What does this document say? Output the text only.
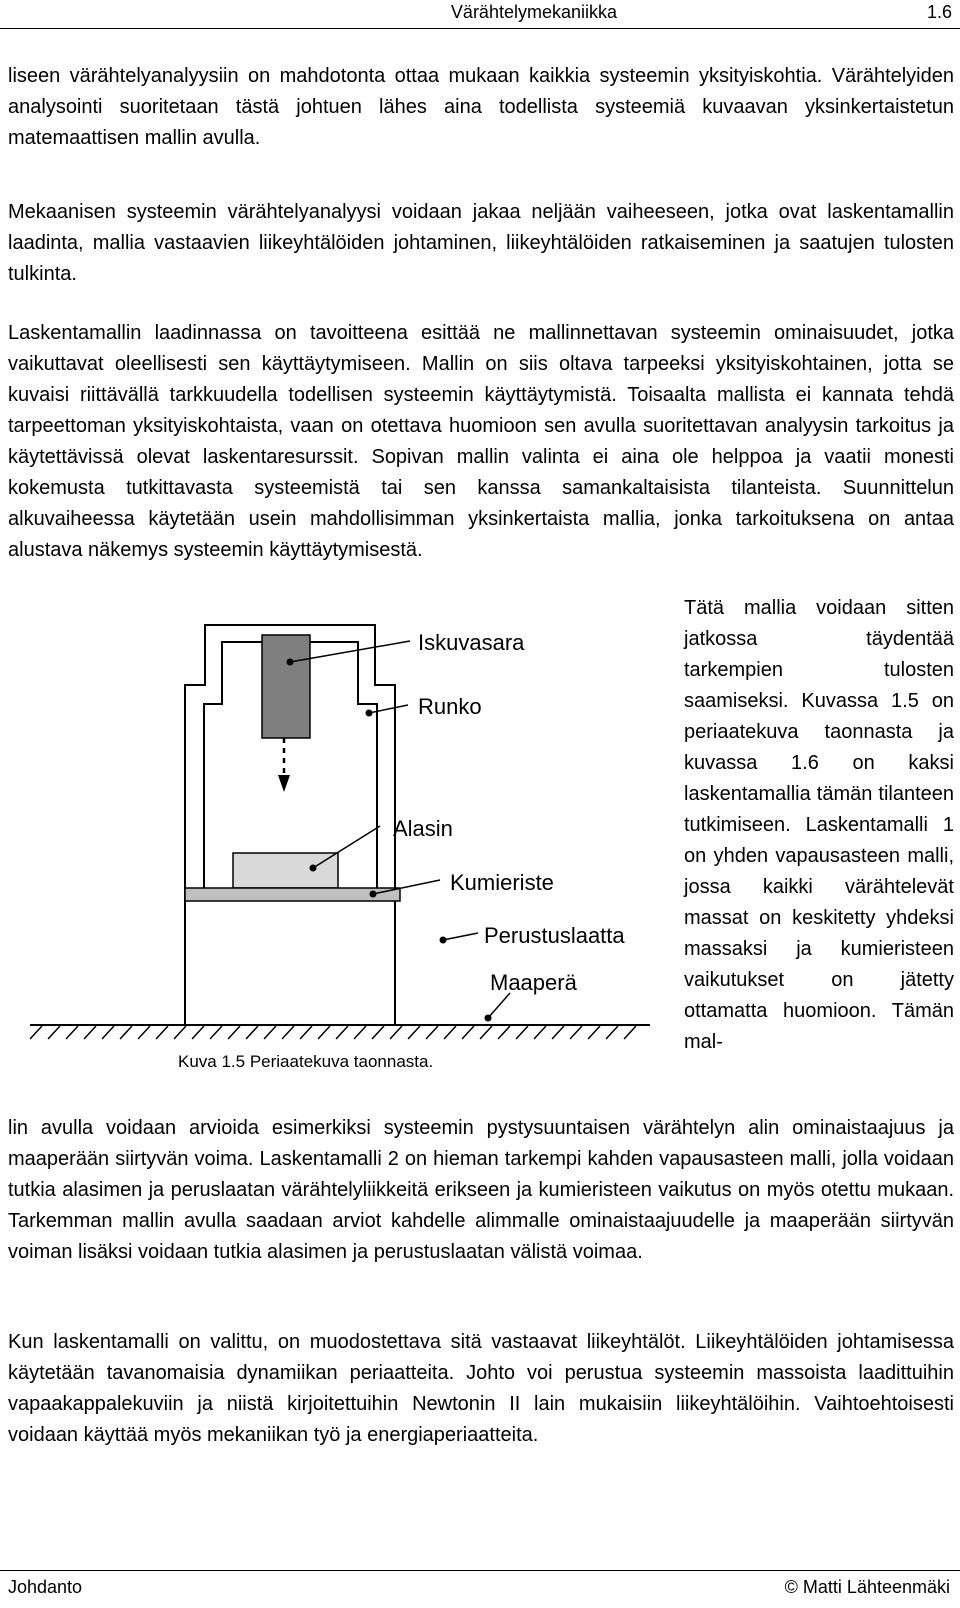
Värähtelymekaniikka	1.6

liseen värähtelyanalyysiin on mahdotonta ottaa mukaan kaikkia systeemin yksityiskohtia. Värähtelyiden analysointi suoritetaan tästä johtuen lähes aina todellista systeemiä kuvaavan yksinkertaistetun matemaattisen mallin avulla.

Mekaanisen systeemin värähtelyanalyysi voidaan jakaa neljään vaiheeseen, jotka ovat laskentamallin laadinta, mallia vastaavien liikeyhtälöiden johtaminen, liikeyhtälöiden ratkaiseminen ja saatujen tulosten tulkinta.

Laskentamallin laadinnassa on tavoitteena esittää ne mallinnettavan systeemin ominaisuudet, jotka vaikuttavat oleellisesti sen käyttäytymiseen. Mallin on siis oltava tarpeeksi yksityiskohtainen, jotta se kuvaisi riittävällä tarkkuudella todellisen systeemin käyttäytymistä. Toisaalta mallista ei kannata tehdä tarpeettoman yksityiskohtaista, vaan on otettava huomioon sen avulla suoritettavan analyysin tarkoitus ja käytettävissä olevat laskentaresurssit. Sopivan mallin valinta ei aina ole helppoa ja vaatii monesti kokemusta tutkittavasta systeemistä tai sen kanssa samankaltaisista tilanteista. Suunnittelun alkuvaiheessa käytetään usein mahdollisimman yksinkertaista mallia, jonka tarkoituksena on antaa alustava näkemys systeemin käyttäytymisestä.

Tätä mallia voidaan sitten jatkossa täydentää tarkempien tulosten saamiseksi. Kuvassa 1.5 on periaatekuva taonnasta ja kuvassa 1.6 on kaksi laskentamallia tämän tilanteen tutkimiseen. Laskentamalli 1 on yhden vapausasteen malli, jossa kaikki värähtelevät massat on keskitetty yhdeksi massaksi ja kumieristeen vaikutukset on jätetty ottamatta huomioon. Tämän mal-

Iskuvasara
Runko
Alasin
Kumieriste
Perustuslaatta
Maaperä
Kuva 1.5 Periaatekuva taonnasta.

lin avulla voidaan arvioida esimerkiksi systeemin pystysuuntaisen värähtelyn alin ominaistaajuus ja maaperään siirtyvän voima. Laskentamalli 2 on hieman tarkempi kahden vapausasteen malli, jolla voidaan tutkia alasimen ja peruslaatan värähtelyliikkeitä erikseen ja kumieristeen vaikutus on myös otettu mukaan. Tarkemman mallin avulla saadaan arviot kahdelle alimmalle ominaistaajuudelle ja maaperään siirtyvän voiman lisäksi voidaan tutkia alasimen ja perustuslaatan välistä voimaa.

Kun laskentamalli on valittu, on muodostettava sitä vastaavat liikeyhtälöt. Liikeyhtälöiden johtamisessa käytetään tavanomaisia dynamiikan periaatteita. Johto voi perustua systeemin massoista laadittuihin vapaakappalekuviin ja niistä kirjoitettuihin Newtonin II lain mukaisiin liikeyhtälöihin. Vaihtoehtoisesti voidaan käyttää myös mekaniikan työ ja energiaperiaatteita.

Johdanto	© Matti Lähteenmäki
